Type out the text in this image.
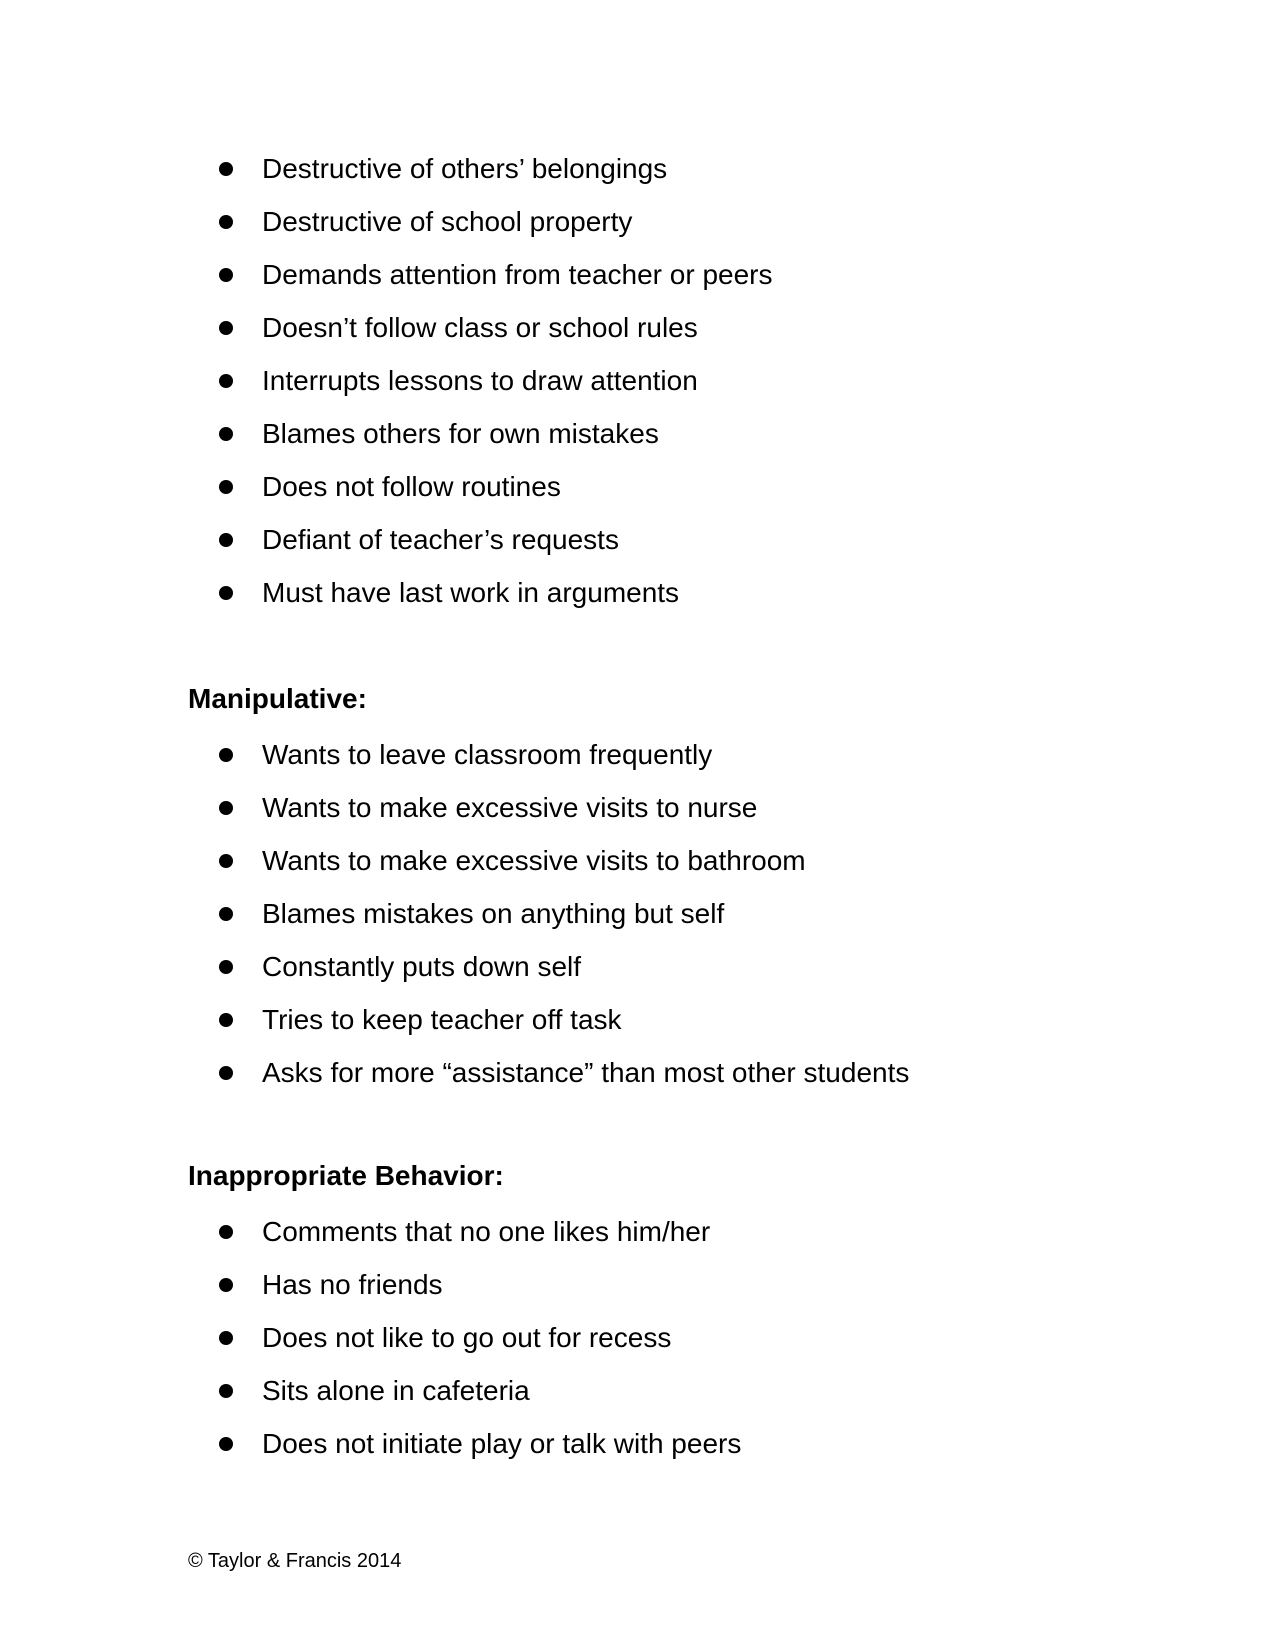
Destructive of others’ belongings
Destructive of school property
Demands attention from teacher or peers
Doesn’t follow class or school rules
Interrupts lessons to draw attention
Blames others for own mistakes
Does not follow routines
Defiant of teacher’s requests
Must have last work in arguments
Manipulative:
Wants to leave classroom frequently
Wants to make excessive visits to nurse
Wants to make excessive visits to bathroom
Blames mistakes on anything but self
Constantly puts down self
Tries to keep teacher off task
Asks for more “assistance” than most other students
Inappropriate Behavior:
Comments that no one likes him/her
Has no friends
Does not like to go out for recess
Sits alone in cafeteria
Does not initiate play or talk with peers
© Taylor & Francis 2014
